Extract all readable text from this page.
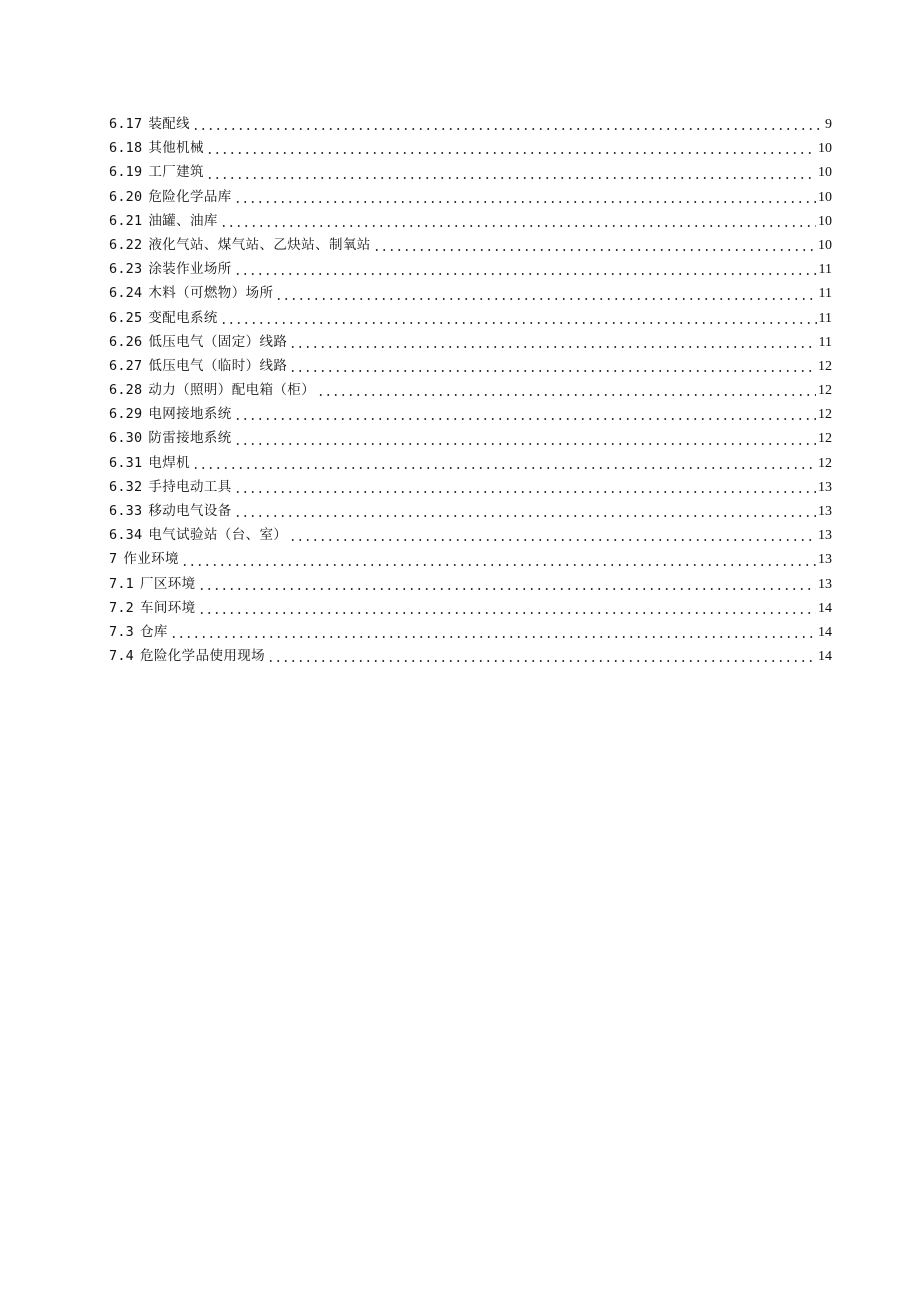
6.17 装配线	9
6.18 其他机械	10
6.19 工厂建筑	10
6.20 危险化学品库	10
6.21 油罐、油库	10
6.22 液化气站、煤气站、乙炔站、制氧站	10
6.23 涂装作业场所	11
6.24 木料（可燃物）场所	11
6.25 变配电系统	11
6.26 低压电气（固定）线路	11
6.27 低压电气（临时）线路	12
6.28 动力（照明）配电箱（柜）	12
6.29 电网接地系统	12
6.30 防雷接地系统	12
6.31 电焊机	12
6.32 手持电动工具	13
6.33 移动电气设备	13
6.34 电气试验站（台、室）	13
7 作业环境	13
7.1 厂区环境	13
7.2 车间环境	14
7.3 仓库	14
7.4 危险化学品使用现场	14
